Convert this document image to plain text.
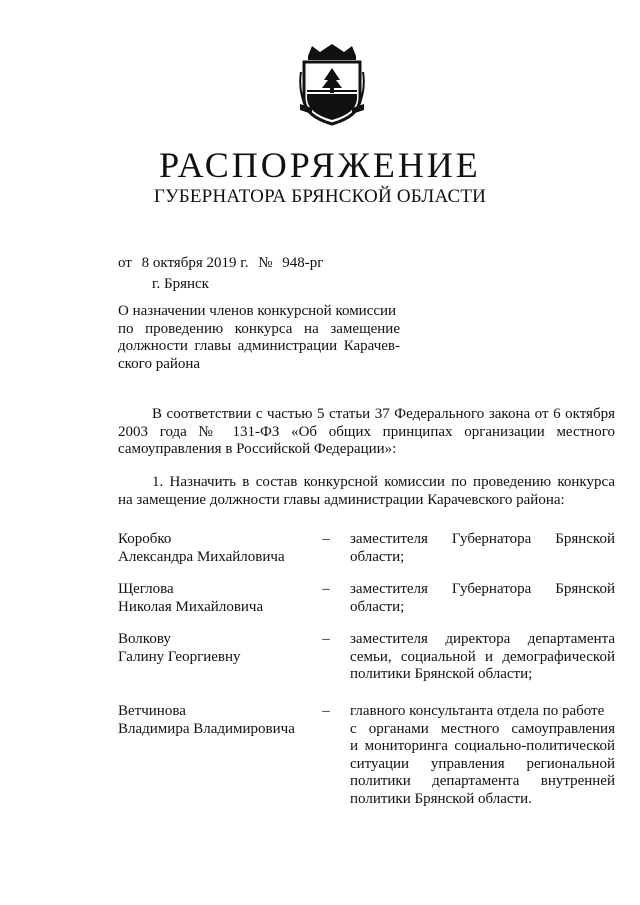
РАСПОРЯЖЕНИЕ
ГУБЕРНАТОРА БРЯНСКОЙ ОБЛАСТИ
от 8 октября 2019 г. № 948-рг
г. Брянск
О назначении членов конкурсной комиссии
по проведению конкурса на замещение
должности главы администрации Карачев-
ского района
В соответствии с частью 5 статьи 37 Федерального закона от 6 октября
2003 года № 131-ФЗ «Об общих принципах организации местного
самоуправления в Российской Федерации»:
1. Назначить в состав конкурсной комиссии по проведению конкурса
на замещение должности главы администрации Карачевского района:
Коробко
Александра Михайловича
– заместителя Губернатора Брянской
области;
Щеглова
Николая Михайловича
– заместителя Губернатора Брянской
области;
Волкову
Галину Георгиевну
– заместителя директора департамента
семьи, социальной и демографической
политики Брянской области;
Ветчинова
Владимира Владимировича
– главного консультанта отдела по работе
с органами местного самоуправления
и мониторинга социально-политической
ситуации управления региональной
политики департамента внутренней
политики Брянской области.
